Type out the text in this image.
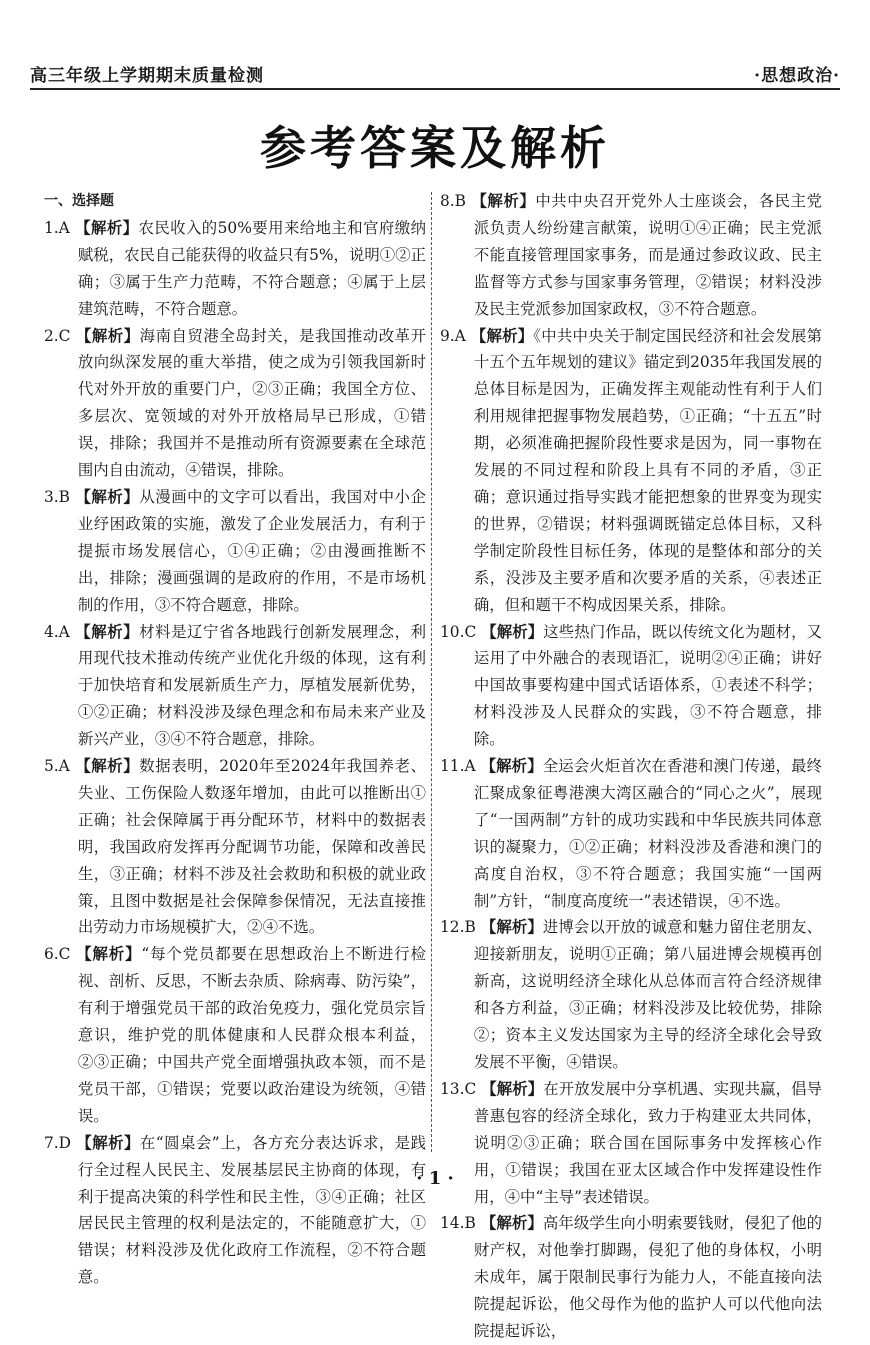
高三年级上学期期末质量检测	·思想政治·
参考答案及解析

一、选择题

1.A 【解析】农民收入的50%要用来给地主和官府缴纳赋税，农民自己能获得的收益只有5%，说明①②正确；③属于生产力范畴，不符合题意；④属于上层建筑范畴，不符合题意。

2.C 【解析】海南自贸港全岛封关，是我国推动改革开放向纵深发展的重大举措，使之成为引领我国新时代对外开放的重要门户，②③正确；我国全方位、多层次、宽领域的对外开放格局早已形成，①错误，排除；我国并不是推动所有资源要素在全球范围内自由流动，④错误，排除。

3.B 【解析】从漫画中的文字可以看出，我国对中小企业纾困政策的实施，激发了企业发展活力，有利于提振市场发展信心，①④正确；②由漫画推断不出，排除；漫画强调的是政府的作用，不是市场机制的作用，③不符合题意，排除。

4.A 【解析】材料是辽宁省各地践行创新发展理念，利用现代技术推动传统产业优化升级的体现，这有利于加快培育和发展新质生产力，厚植发展新优势，①②正确；材料没涉及绿色理念和布局未来产业及新兴产业，③④不符合题意，排除。

5.A 【解析】数据表明，2020年至2024年我国养老、失业、工伤保险人数逐年增加，由此可以推断出①正确；社会保障属于再分配环节，材料中的数据表明，我国政府发挥再分配调节功能，保障和改善民生，③正确；材料不涉及社会救助和积极的就业政策，且图中数据是社会保障参保情况，无法直接推出劳动力市场规模扩大，②④不选。

6.C 【解析】“每个党员都要在思想政治上不断进行检视、剖析、反思，不断去杂质、除病毒、防污染”，有利于增强党员干部的政治免疫力，强化党员宗旨意识，维护党的肌体健康和人民群众根本利益，②③正确；中国共产党全面增强执政本领，而不是党员干部，①错误；党要以政治建设为统领，④错误。

7.D 【解析】在“圆桌会”上，各方充分表达诉求，是践行全过程人民民主、发展基层民主协商的体现，有利于提高决策的科学性和民主性，③④正确；社区居民民主管理的权利是法定的，不能随意扩大，①错误；材料没涉及优化政府工作流程，②不符合题意。

8.B 【解析】中共中央召开党外人士座谈会，各民主党派负责人纷纷建言献策，说明①④正确；民主党派不能直接管理国家事务，而是通过参政议政、民主监督等方式参与国家事务管理，②错误；材料没涉及民主党派参加国家政权，③不符合题意。

9.A 【解析】《中共中央关于制定国民经济和社会发展第十五个五年规划的建议》锚定到2035年我国发展的总体目标是因为，正确发挥主观能动性有利于人们利用规律把握事物发展趋势，①正确；“十五五”时期，必须准确把握阶段性要求是因为，同一事物在发展的不同过程和阶段上具有不同的矛盾，③正确；意识通过指导实践才能把想象的世界变为现实的世界，②错误；材料强调既锚定总体目标，又科学制定阶段性目标任务，体现的是整体和部分的关系，没涉及主要矛盾和次要矛盾的关系，④表述正确，但和题干不构成因果关系，排除。

10.C 【解析】这些热门作品，既以传统文化为题材，又运用了中外融合的表现语汇，说明②④正确；讲好中国故事要构建中国式话语体系，①表述不科学；材料没涉及人民群众的实践，③不符合题意，排除。

11.A 【解析】全运会火炬首次在香港和澳门传递，最终汇聚成象征粤港澳大湾区融合的“同心之火”，展现了“一国两制”方针的成功实践和中华民族共同体意识的凝聚力，①②正确；材料没涉及香港和澳门的高度自治权，③不符合题意；我国实施“一国两制”方针，“制度高度统一”表述错误，④不选。

12.B 【解析】进博会以开放的诚意和魅力留住老朋友、迎接新朋友，说明①正确；第八届进博会规模再创新高，这说明经济全球化从总体而言符合经济规律和各方利益，③正确；材料没涉及比较优势，排除②；资本主义发达国家为主导的经济全球化会导致发展不平衡，④错误。

13.C 【解析】在开放发展中分享机遇、实现共赢，倡导普惠包容的经济全球化，致力于构建亚太共同体，说明②③正确；联合国在国际事务中发挥核心作用，①错误；我国在亚太区域合作中发挥建设性作用，④中“主导”表述错误。

14.B 【解析】高年级学生向小明索要钱财，侵犯了他的财产权，对他拳打脚踢，侵犯了他的身体权，小明未成年，属于限制民事行为能力人，不能直接向法院提起诉讼，他父母作为他的监护人可以代他向法院提起诉讼，

· 1 ·
